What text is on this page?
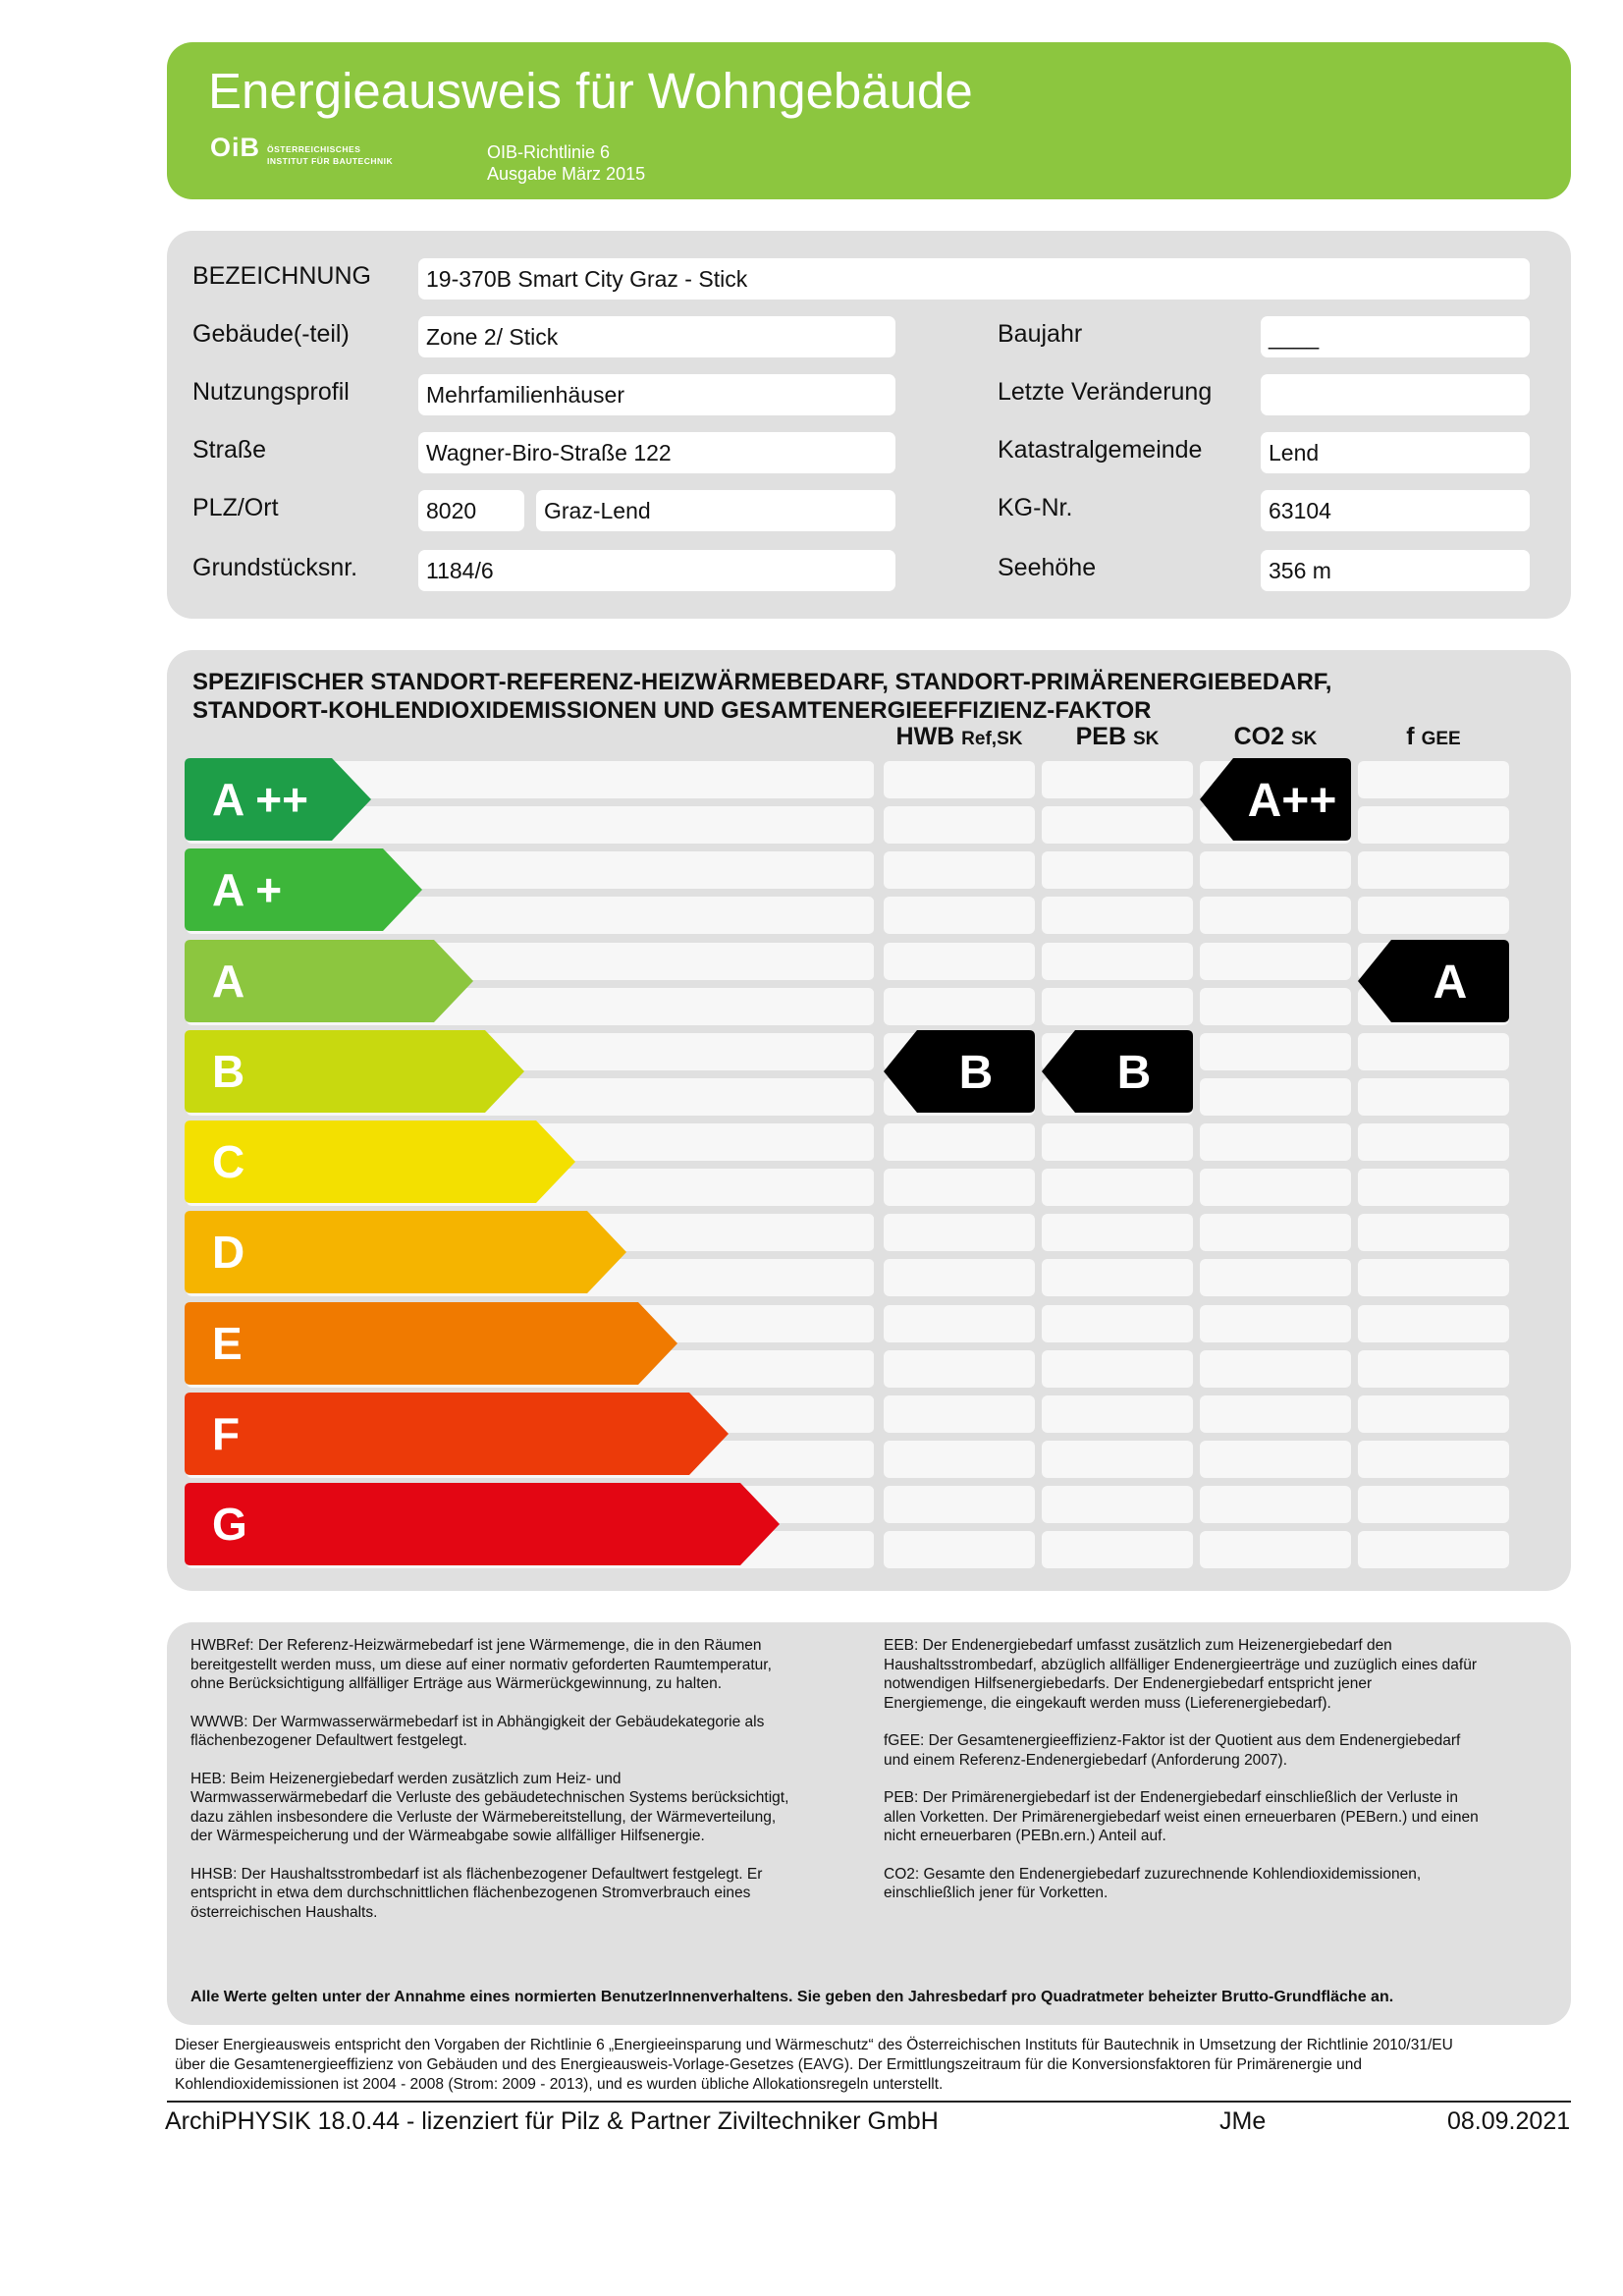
Energieausweis für Wohngebäude
OiB ÖSTERREICHISCHES
INSTITUT FÜR BAUTECHNIK	OIB-Richtlinie 6
Ausgabe März 2015
BEZEICHNUNG	19-370B Smart City Graz - Stick
Gebäude(-teil)	Zone 2/ Stick	Baujahr	____
Nutzungsprofil	Mehrfamilienhäuser	Letzte Veränderung
Straße	Wagner-Biro-Straße 122	Katastralgemeinde	Lend
PLZ/Ort	8020	Graz-Lend	KG-Nr.	63104
Grundstücksnr.	1184/6	Seehöhe	356 m
SPEZIFISCHER STANDORT-REFERENZ-HEIZWÄRMEBEDARF, STANDORT-PRIMÄRENERGIEBEDARF,
STANDORT-KOHLENDIOXIDEMISSIONEN UND GESAMTENERGIEEFFIZIENZ-FAKTOR
HWB Ref,SK	PEB SK	CO2 SK	f GEE
A ++
A +
A
B
C
D
E
F
G
B	B
A++
A
HWBRef: Der Referenz-Heizwärmebedarf ist jene Wärmemenge, die in den Räumen
bereitgestellt werden muss, um diese auf einer normativ geforderten Raumtemperatur,
ohne Berücksichtigung allfälliger Erträge aus Wärmerückgewinnung, zu halten.
WWWB: Der Warmwasserwärmebedarf ist in Abhängigkeit der Gebäudekategorie als
flächenbezogener Defaultwert festgelegt.
HEB: Beim Heizenergiebedarf werden zusätzlich zum Heiz- und
Warmwasserwärmebedarf die Verluste des gebäudetechnischen Systems berücksichtigt,
dazu zählen insbesondere die Verluste der Wärmebereitstellung, der Wärmeverteilung,
der Wärmespeicherung und der Wärmeabgabe sowie allfälliger Hilfsenergie.
HHSB: Der Haushaltsstrombedarf ist als flächenbezogener Defaultwert festgelegt. Er
entspricht in etwa dem durchschnittlichen flächenbezogenen Stromverbrauch eines
österreichischen Haushalts.
EEB: Der Endenergiebedarf umfasst zusätzlich zum Heizenergiebedarf den
Haushaltsstrombedarf, abzüglich allfälliger Endenergieerträge und zuzüglich eines dafür
notwendigen Hilfsenergiebedarfs. Der Endenergiebedarf entspricht jener
Energiemenge, die eingekauft werden muss (Lieferenergiebedarf).
fGEE: Der Gesamtenergieeffizienz-Faktor ist der Quotient aus dem Endenergiebedarf
und einem Referenz-Endenergiebedarf (Anforderung 2007).
PEB: Der Primärenergiebedarf ist der Endenergiebedarf einschließlich der Verluste in
allen Vorketten. Der Primärenergiebedarf weist einen erneuerbaren (PEBern.) und einen
nicht erneuerbaren (PEBn.ern.) Anteil auf.
CO2: Gesamte den Endenergiebedarf zuzurechnende Kohlendioxidemissionen,
einschließlich jener für Vorketten.
Alle Werte gelten unter der Annahme eines normierten BenutzerInnenverhaltens. Sie geben den Jahresbedarf pro Quadratmeter beheizter Brutto-Grundfläche an.
Dieser Energieausweis entspricht den Vorgaben der Richtlinie 6 „Energieeinsparung und Wärmeschutz“ des Österreichischen Instituts für Bautechnik in Umsetzung der Richtlinie 2010/31/EU
über die Gesamtenergieeffizienz von Gebäuden und des Energieausweis-Vorlage-Gesetzes (EAVG). Der Ermittlungszeitraum für die Konversionsfaktoren für Primärenergie und
Kohlendioxidemissionen ist 2004 - 2008 (Strom: 2009 - 2013), und es wurden übliche Allokationsregeln unterstellt.
ArchiPHYSIK 18.0.44 - lizenziert für Pilz & Partner Ziviltechniker GmbH	JMe	08.09.2021
